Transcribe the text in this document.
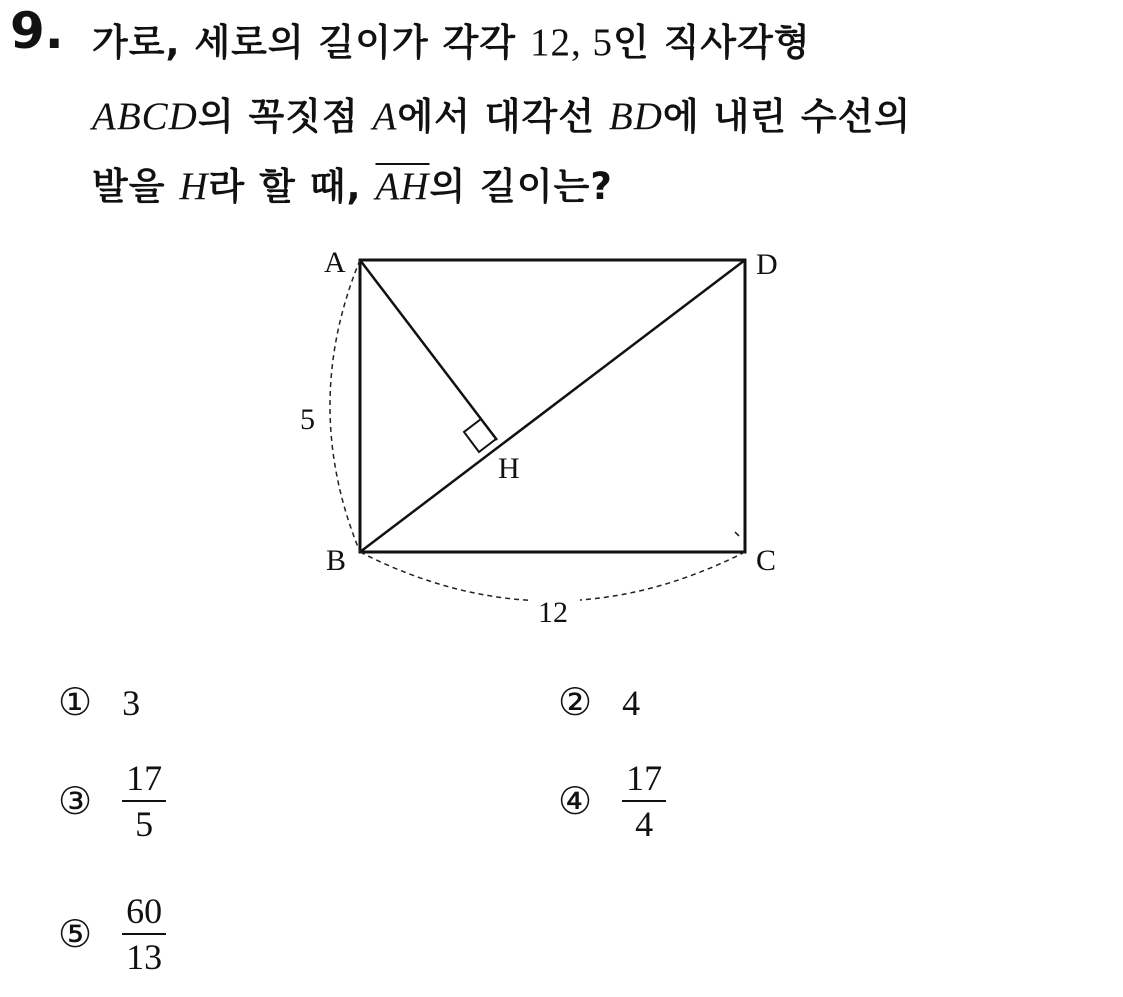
9. 가로, 세로의 길이가 각각 12, 5인 직사각형
ABCD의 꼭짓점 A에서 대각선 BD에 내린 수선의
발을 H라 할 때, $\overline{AH}$의 길이는?
A	D
B	C
H
5
12
① 3	② 4
③ $\frac{17}{5}$	④ $\frac{17}{4}$
⑤ $\frac{60}{13}$
